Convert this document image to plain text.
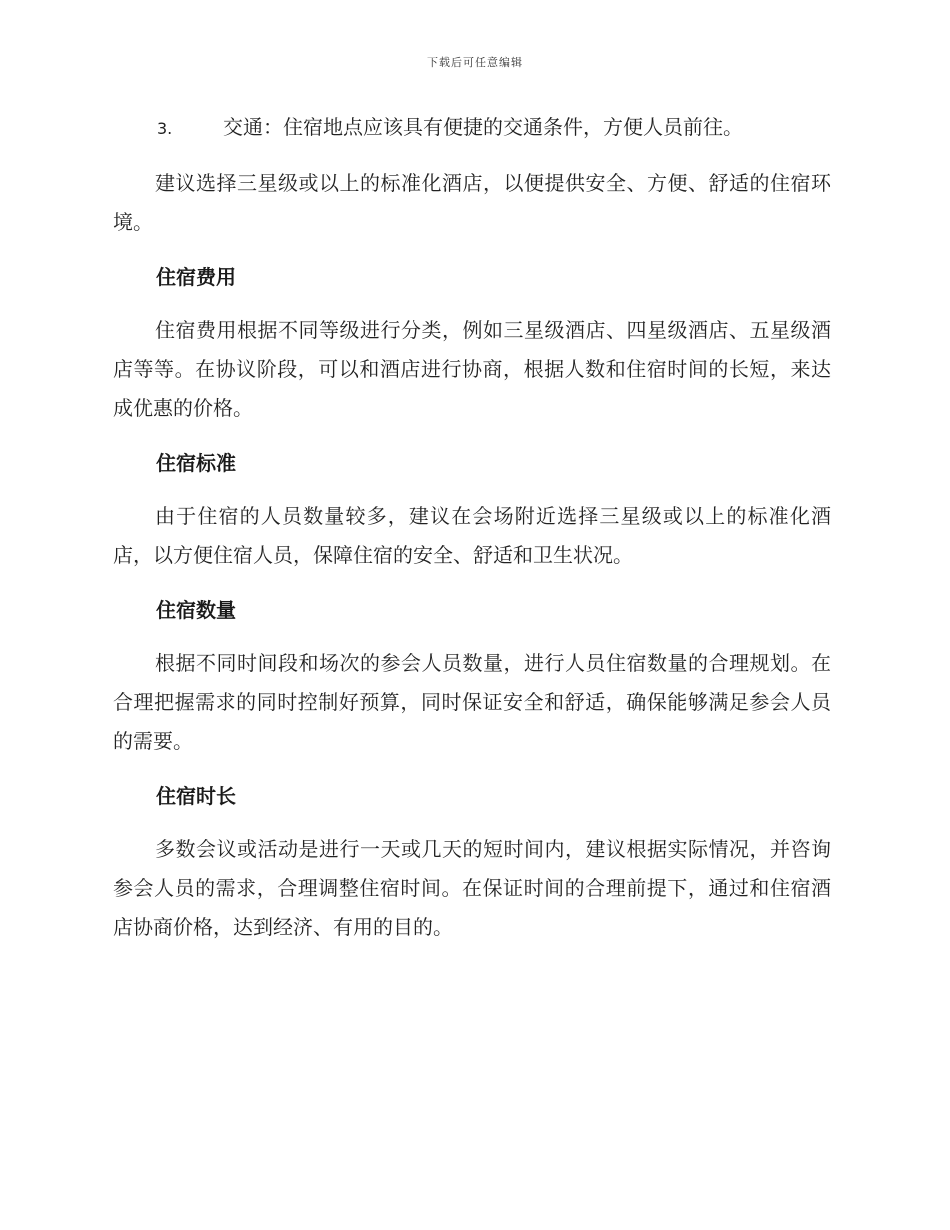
下载后可任意编辑
3.	交通：住宿地点应该具有便捷的交通条件，方便人员前往。

建议选择三星级或以上的标准化酒店，以便提供安全、方便、舒适的住宿环境。

住宿费用

住宿费用根据不同等级进行分类，例如三星级酒店、四星级酒店、五星级酒店等等。在协议阶段，可以和酒店进行协商，根据人数和住宿时间的长短，来达成优惠的价格。

住宿标准

由于住宿的人员数量较多，建议在会场附近选择三星级或以上的标准化酒店，以方便住宿人员，保障住宿的安全、舒适和卫生状况。

住宿数量

根据不同时间段和场次的参会人员数量，进行人员住宿数量的合理规划。在合理把握需求的同时控制好预算，同时保证安全和舒适，确保能够满足参会人员的需要。

住宿时长

多数会议或活动是进行一天或几天的短时间内，建议根据实际情况，并咨询参会人员的需求，合理调整住宿时间。在保证时间的合理前提下，通过和住宿酒店协商价格，达到经济、有用的目的。
